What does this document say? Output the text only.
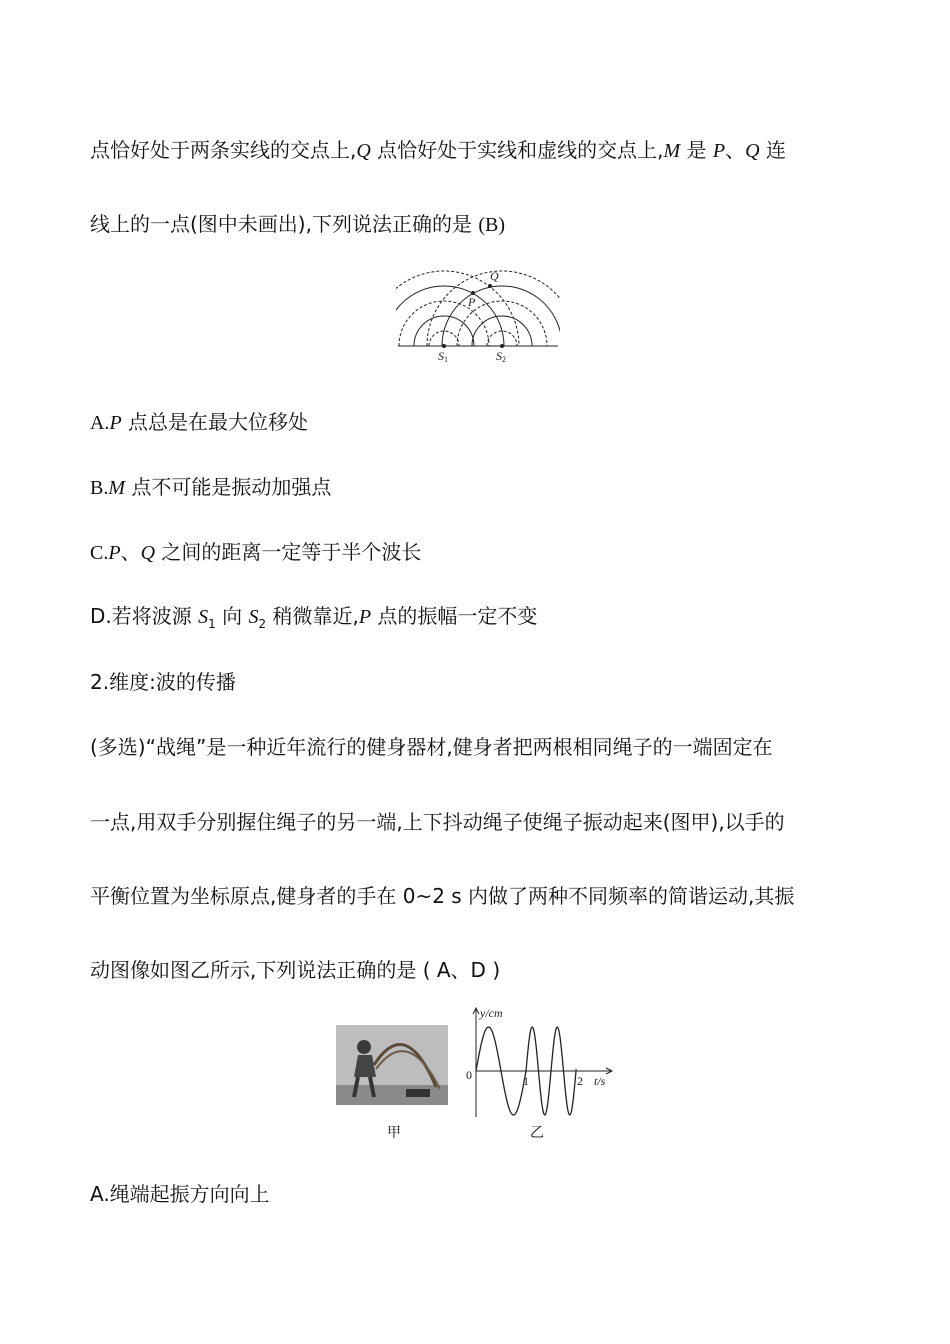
点恰好处于两条实线的交点上,Q 点恰好处于实线和虚线的交点上,M 是 P、Q 连
线上的一点(图中未画出),下列说法正确的是 (B)
P
Q
S1	S2
A.P 点总是在最大位移处
B.M 点不可能是振动加强点
C.P、Q 之间的距离一定等于半个波长
D.若将波源 $S_1$ 向 $S_2$ 稍微靠近,P 点的振幅一定不变
2.维度:波的传播
(多选)“战绳”是一种近年流行的健身器材,健身者把两根相同绳子的一端固定在
一点,用双手分别握住绳子的另一端,上下抖动绳子使绳子振动起来(图甲),以手的
平衡位置为坐标原点,健身者的手在 0~2 s 内做了两种不同频率的简谐运动,其振
动图像如图乙所示,下列说法正确的是 ( A、D )
甲
y/cm
0	1	2 t/s
乙
A.绳端起振方向向上
